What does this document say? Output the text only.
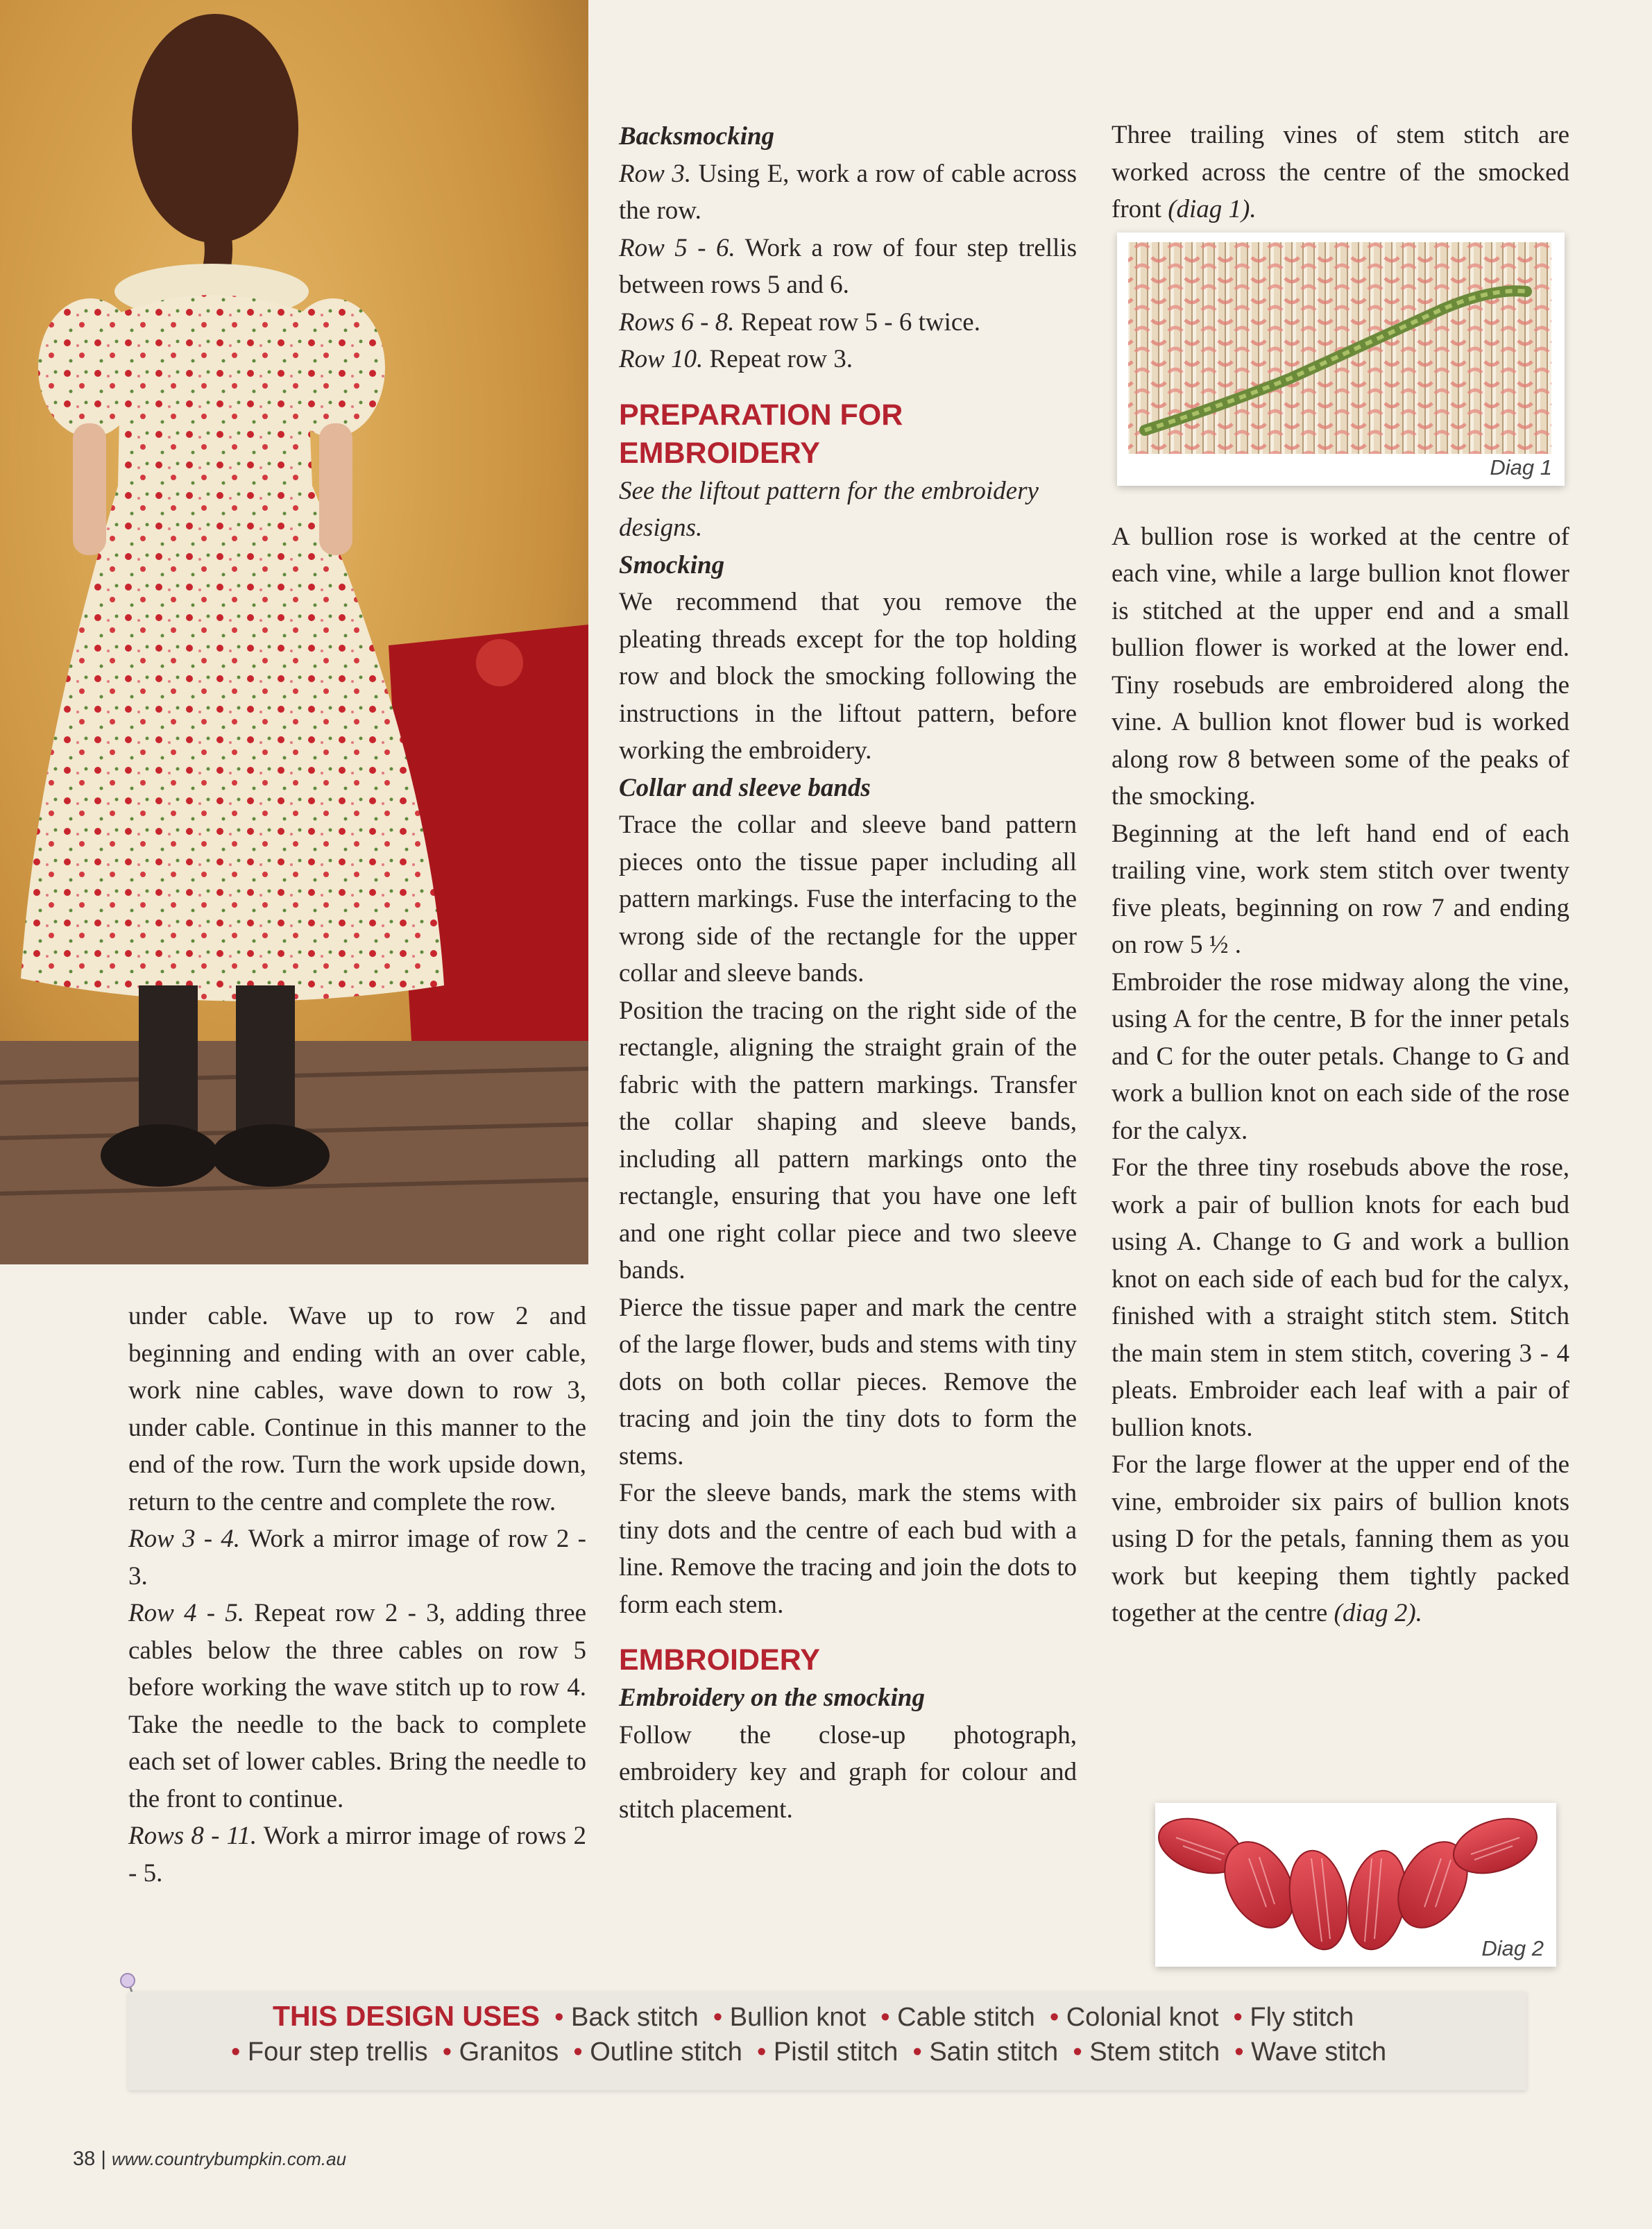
under cable. Wave up to row 2 and beginning and ending with an over cable, work nine cables, wave down to row 3, under cable. Continue in this manner to the end of the row. Turn the work upside down, return to the centre and complete the row.

Row 3 - 4. Work a mirror image of row 2 - 3.

Row 4 - 5. Repeat row 2 - 3, adding three cables below the three cables on row 5 before working the wave stitch up to row 4. Take the needle to the back to complete each set of lower cables. Bring the needle to the front to continue.

Rows 8 - 11. Work a mirror image of rows 2 - 5.

Backsmocking

Row 3. Using E, work a row of cable across the row.

Row 5 - 6. Work a row of four step trellis between rows 5 and 6.

Rows 6 - 8. Repeat row 5 - 6 twice.

Row 10. Repeat row 3.

PREPARATION FOR
EMBROIDERY

See the liftout pattern for the embroidery designs.

Smocking

We recommend that you remove the pleating threads except for the top holding row and block the smocking following the instructions in the liftout pattern, before working the embroidery.

Collar and sleeve bands

Trace the collar and sleeve band pattern pieces onto the tissue paper including all pattern markings. Fuse the interfacing to the wrong side of the rectangle for the upper collar and sleeve bands.

Position the tracing on the right side of the rectangle, aligning the straight grain of the fabric with the pattern markings. Transfer the collar shaping and sleeve bands, including all pattern markings onto the rectangle, ensuring that you have one left and one right collar piece and two sleeve bands.

Pierce the tissue paper and mark the centre of the large flower, buds and stems with tiny dots on both collar pieces. Remove the tracing and join the tiny dots to form the stems.

For the sleeve bands, mark the stems with tiny dots and the centre of each bud with a line. Remove the tracing and join the dots to form each stem.

EMBROIDERY

Embroidery on the smocking

Follow the close-up photograph, embroidery key and graph for colour and stitch placement.

Three trailing vines of stem stitch are worked across the centre of the smocked front (diag 1).

A bullion rose is worked at the centre of each vine, while a large bullion knot flower is stitched at the upper end and a small bullion flower is worked at the lower end. Tiny rosebuds are embroidered along the vine. A bullion knot flower bud is worked along row 8 between some of the peaks of the smocking.

Beginning at the left hand end of each trailing vine, work stem stitch over twenty five pleats, beginning on row 7 and ending on row 5 ½ .

Embroider the rose midway along the vine, using A for the centre, B for the inner petals and C for the outer petals. Change to G and work a bullion knot on each side of the rose for the calyx.

For the three tiny rosebuds above the rose, work a pair of bullion knots for each bud using A. Change to G and work a bullion knot on each side of each bud for the calyx, finished with a straight stitch stem. Stitch the main stem in stem stitch, covering 3 - 4 pleats. Embroider each leaf with a pair of bullion knots.

For the large flower at the upper end of the vine, embroider six pairs of bullion knots using D for the petals, fanning them as you work but keeping them tightly packed together at the centre (diag 2).

Diag 1
Diag 2
THIS DESIGN USES  • Back stitch  • Bullion knot  • Cable stitch  • Colonial knot  • Fly stitch
• Four step trellis  • Granitos  • Outline stitch  • Pistil stitch  • Satin stitch  • Stem stitch  • Wave stitch
38 | www.countrybumpkin.com.au
